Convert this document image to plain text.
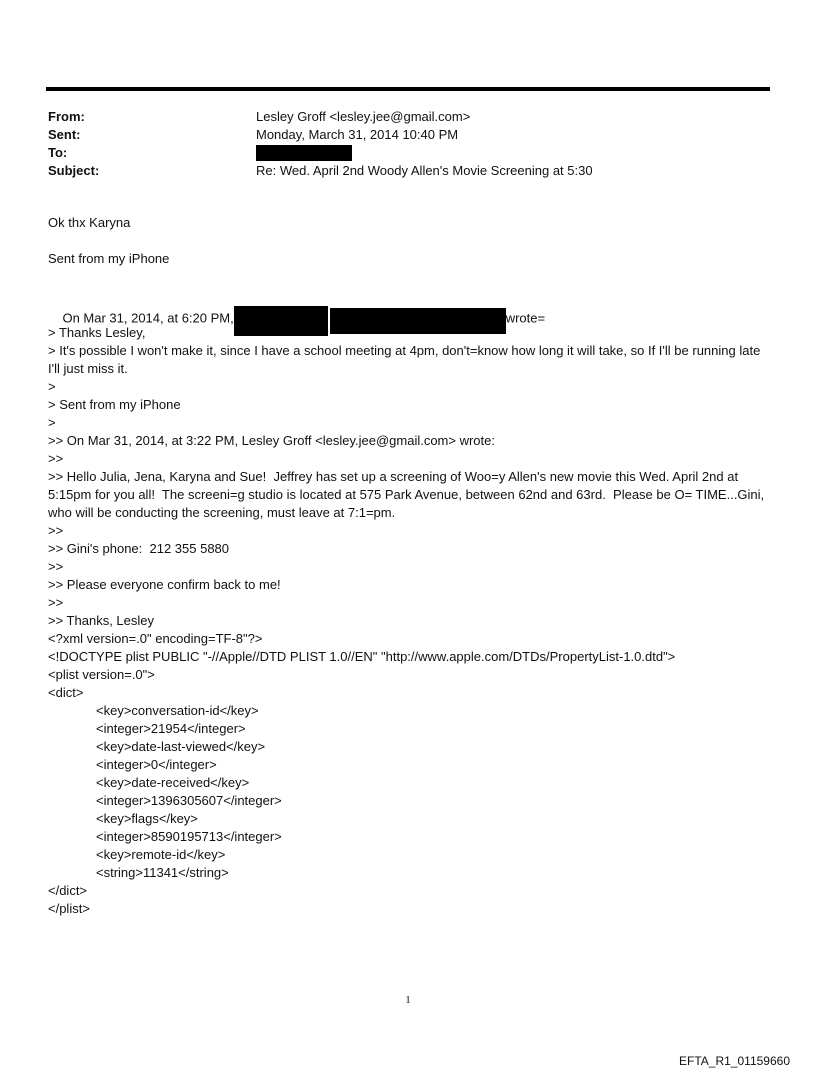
From:	Lesley Groff <lesley.jee@gmail.com>
Sent:	Monday, March 31, 2014 10:40 PM
To:
Subject:	Re: Wed. April 2nd Woody Allen's Movie Screening at 5:30
Ok thx Karyna
Sent from my iPhone

On Mar 31, 2014, at 6:20 PM,	wrote=

> Thanks Lesley,
> It's possible I won't make it, since I have a school meeting at 4pm, don't=know how long it will take, so If I'll be running late I'll just miss it.
>
> Sent from my iPhone
>
>> On Mar 31, 2014, at 3:22 PM, Lesley Groff <lesley.jee@gmail.com> wrote:
>>
>> Hello Julia, Jena, Karyna and Sue!  Jeffrey has set up a screening of Woo=y Allen's new movie this Wed. April 2nd at 5:15pm for you all!  The screeni=g studio is located at 575 Park Avenue, between 62nd and 63rd.  Please be O= TIME...Gini, who will be conducting the screening, must leave at 7:1=pm.
>>
>> Gini's phone:  212 355 5880
>>
>> Please everyone confirm back to me!
>>
>> Thanks, Lesley
<?xml version=.0" encoding=TF-8"?>
<!DOCTYPE plist PUBLIC "-//Apple//DTD PLIST 1.0//EN" "http://www.apple.com/DTDs/PropertyList-1.0.dtd">
<plist version=.0">
<dict>
<key>conversation-id</key>
<integer>21954</integer>
<key>date-last-viewed</key>
<integer>0</integer>
<key>date-received</key>
<integer>1396305607</integer>
<key>flags</key>
<integer>8590195713</integer>
<key>remote-id</key>
<string>11341</string>
</dict>
</plist>
1
EFTA_R1_01159660
